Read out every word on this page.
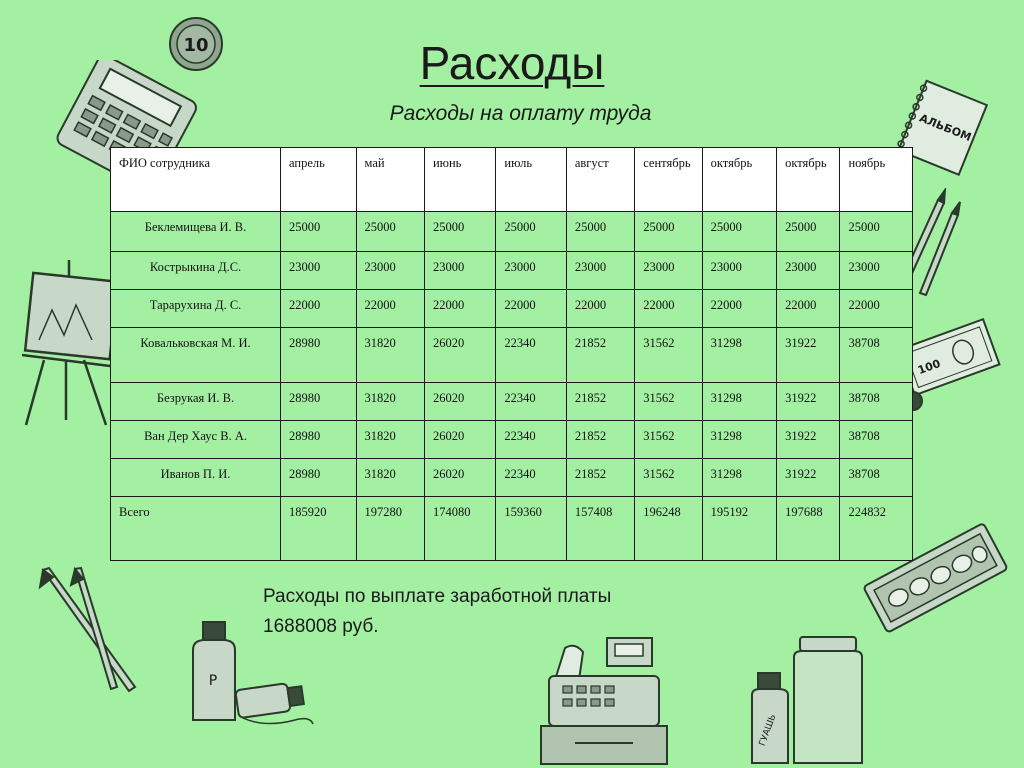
10
АЛЬБОМ
100
Р
ГУАШЬ
Расходы
Расходы на оплату труда
ФИО сотрудника	апрель	май	июнь	июль	август	сентябрь	октябрь	октябрь	ноябрь
Беклемищева И. В.	25000	25000	25000	25000	25000	25000	25000	25000	25000
Кострыкина Д.С.	23000	23000	23000	23000	23000	23000	23000	23000	23000
Тарарухина Д. С.	22000	22000	22000	22000	22000	22000	22000	22000	22000
Ковальковская М. И.	28980	31820	26020	22340	21852	31562	31298	31922	38708
Безрукая И. В.	28980	31820	26020	22340	21852	31562	31298	31922	38708
Ван Дер Хаус В. А.	28980	31820	26020	22340	21852	31562	31298	31922	38708
Иванов П. И.	28980	31820	26020	22340	21852	31562	31298	31922	38708
Всего	185920	197280	174080	159360	157408	196248	195192	197688	224832
Расходы по выплате заработной платы
1688008 руб.
